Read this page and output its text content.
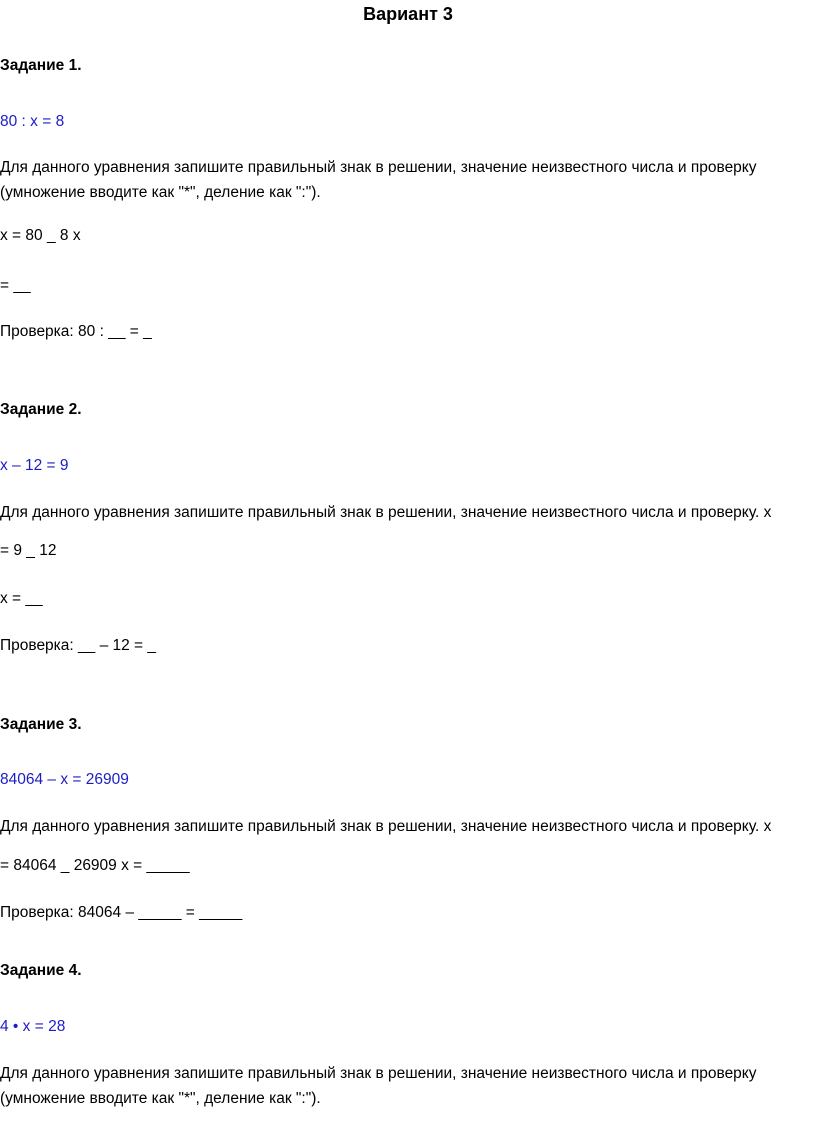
Вариант 3
Задание 1.
80 : x = 8
Для данного уравнения запишите правильный знак в решении, значение неизвестного числа и проверку
(умножение вводите как "*", деление как ":").
x = 80 _ 8 x
= __
Проверка: 80 : __ = _
Задание 2.
x – 12 = 9
Для данного уравнения запишите правильный знак в решении, значение неизвестного числа и проверку. x
= 9 _ 12
x = __
Проверка: __ – 12 = _
Задание 3.
84064 – x = 26909
Для данного уравнения запишите правильный знак в решении, значение неизвестного числа и проверку. x
= 84064 _ 26909 x = _____
Проверка: 84064 – _____ = _____
Задание 4.
4 • x = 28
Для данного уравнения запишите правильный знак в решении, значение неизвестного числа и проверку
(умножение вводите как "*", деление как ":").
